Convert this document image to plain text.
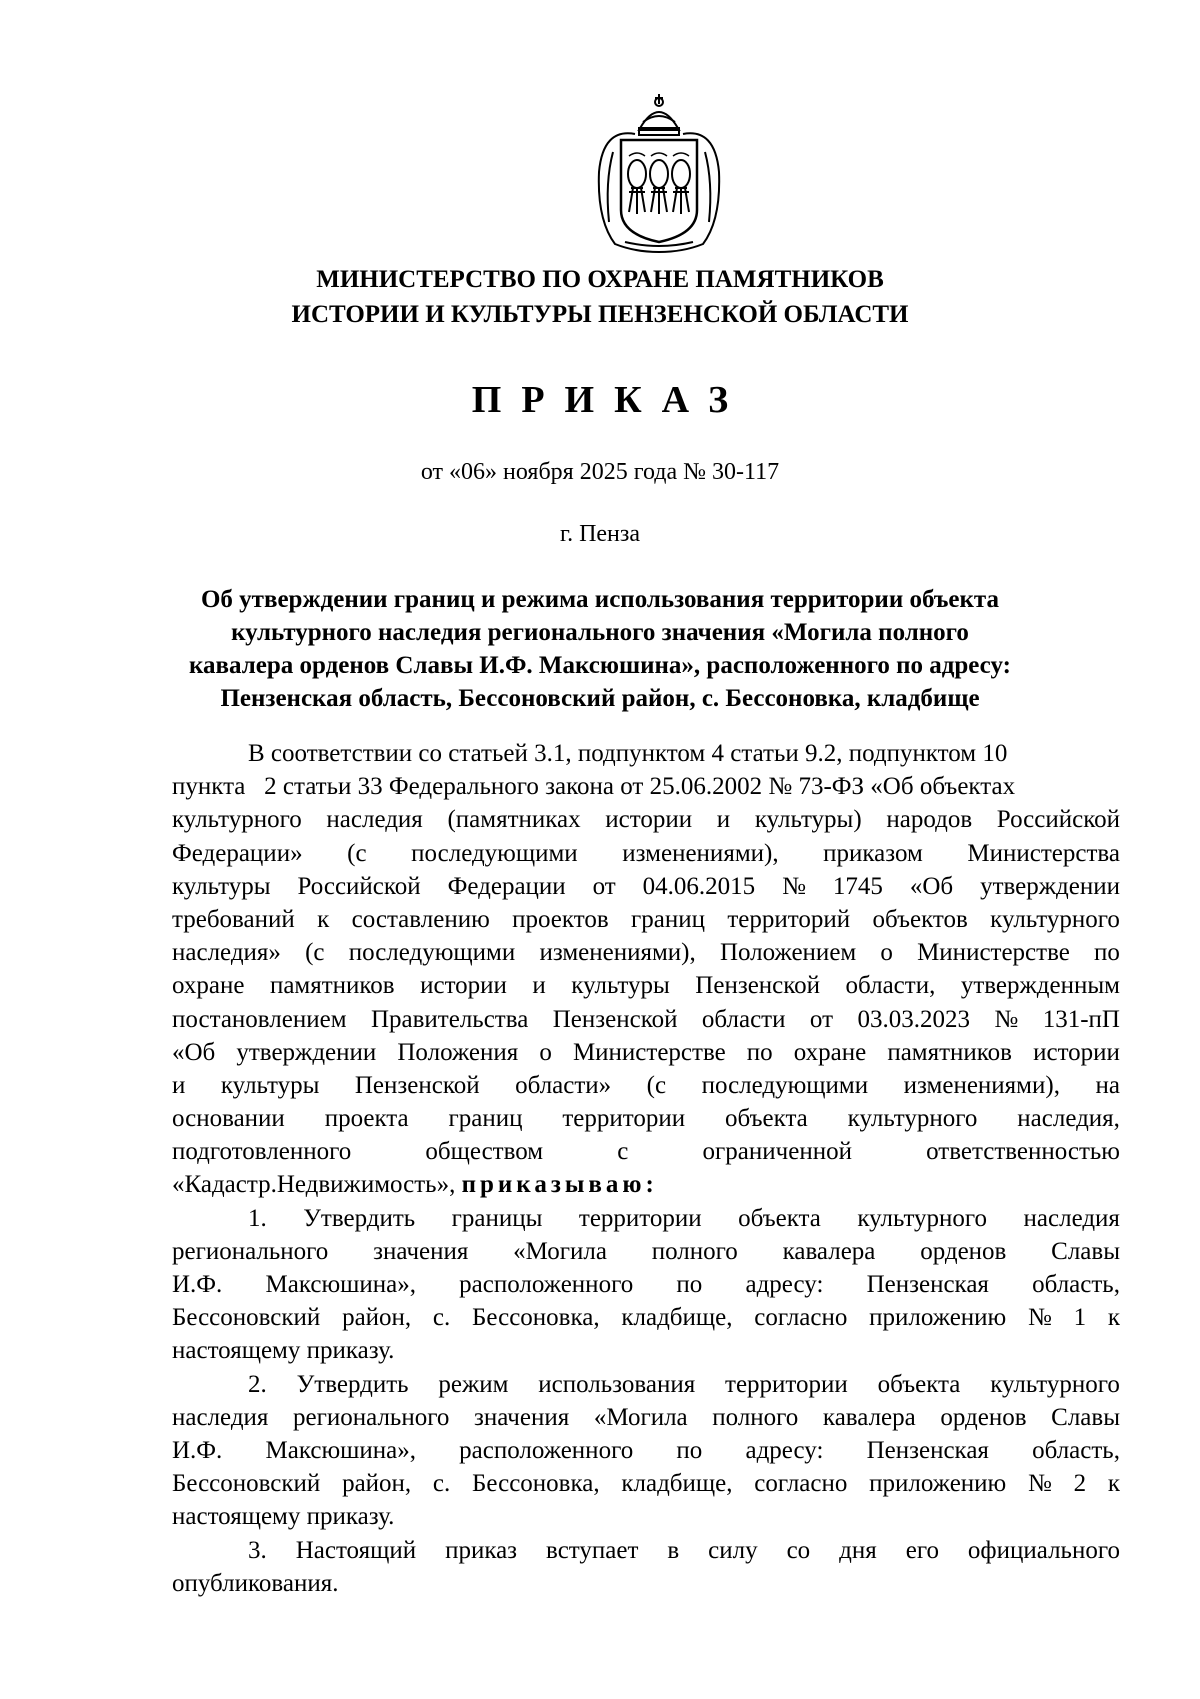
МИНИСТЕРСТВО ПО ОХРАНЕ ПАМЯТНИКОВ
ИСТОРИИ И КУЛЬТУРЫ ПЕНЗЕНСКОЙ ОБЛАСТИ
ПРИКАЗ
от «06» ноября 2025 года № 30-117
г. Пенза
Об утверждении границ и режима использования территории объекта
культурного наследия регионального значения «Могила полного
кавалера орденов Славы И.Ф. Максюшина», расположенного по адресу:
Пензенская область, Бессоновский район, с. Бессоновка, кладбище
В соответствии со статьей 3.1, подпунктом 4 статьи 9.2, подпунктом 10
пункта   2 статьи 33 Федерального закона от 25.06.2002 № 73-ФЗ «Об объектах
культурного наследия (памятниках истории и культуры) народов Российской
Федерации» (с последующими изменениями), приказом Министерства
культуры Российской Федерации от 04.06.2015 № 1745 «Об утверждении
требований к составлению проектов границ территорий объектов культурного
наследия» (с последующими изменениями), Положением о Министерстве по
охране памятников истории и культуры Пензенской области, утвержденным
постановлением Правительства Пензенской области от 03.03.2023 № 131-пП
«Об утверждении Положения о Министерстве по охране памятников истории
и культуры Пензенской области» (с последующими изменениями), на
основании проекта границ территории объекта культурного наследия,
подготовленного	обществом	с	ограниченной	ответственностью
«Кадастр.Недвижимость», приказываю:
1. Утвердить границы территории объекта культурного наследия
регионального значения «Могила полного кавалера орденов Славы
И.Ф. Максюшина», расположенного по адресу: Пензенская область,
Бессоновский район, с. Бессоновка, кладбище, согласно приложению № 1 к
настоящему приказу.
2. Утвердить режим использования территории объекта культурного
наследия регионального значения «Могила полного кавалера орденов Славы
И.Ф. Максюшина», расположенного по адресу: Пензенская область,
Бессоновский район, с. Бессоновка, кладбище, согласно приложению № 2 к
настоящему приказу.
3. Настоящий приказ вступает в силу со дня его официального
опубликования.
